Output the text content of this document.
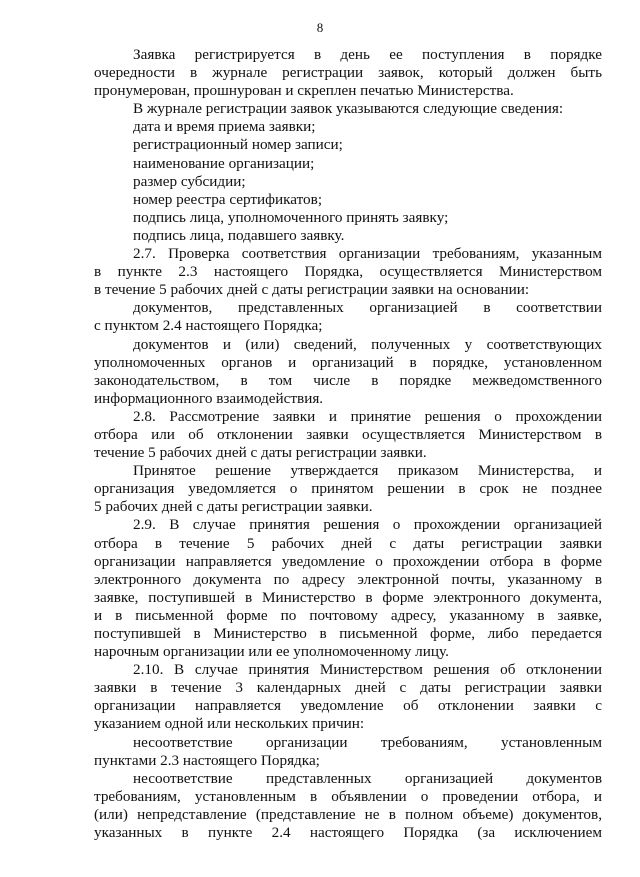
8

Заявка регистрируется в день ее поступления в порядке

очередности в журнале регистрации заявок, который должен быть

пронумерован, прошнурован и скреплен печатью Министерства.

В журнале регистрации заявок указываются следующие сведения:

дата и время приема заявки;

регистрационный номер записи;

наименование организации;

размер субсидии;

номер реестра сертификатов;

подпись лица, уполномоченного принять заявку;

подпись лица, подавшего заявку.

2.7. Проверка соответствия организации требованиям, указанным

в пункте 2.3 настоящего Порядка, осуществляется Министерством

в течение 5 рабочих дней с даты регистрации заявки на основании:

документов, представленных организацией в соответствии

с пунктом 2.4 настоящего Порядка;

документов и (или) сведений, полученных у соответствующих

уполномоченных органов и организаций в порядке, установленном

законодательством, в том числе в порядке межведомственного

информационного взаимодействия.

2.8. Рассмотрение заявки и принятие решения о прохождении

отбора или об отклонении заявки осуществляется Министерством в

течение 5 рабочих дней с даты регистрации заявки.

Принятое решение утверждается приказом Министерства, и

организация уведомляется о принятом решении в срок не позднее

5 рабочих дней с даты регистрации заявки.

2.9. В случае принятия решения о прохождении организацией

отбора в течение 5 рабочих дней с даты регистрации заявки

организации направляется уведомление о прохождении отбора в форме

электронного документа по адресу электронной почты, указанному в

заявке, поступившей в Министерство в форме электронного документа,

и в письменной форме по почтовому адресу, указанному в заявке,

поступившей в Министерство в письменной форме, либо передается

нарочным организации или ее уполномоченному лицу.

2.10. В случае принятия Министерством решения об отклонении

заявки в течение 3 календарных дней с даты регистрации заявки

организации направляется уведомление об отклонении заявки с

указанием одной или нескольких причин:

несоответствие организации требованиям, установленным

пунктами 2.3 настоящего Порядка;

несоответствие представленных организацией документов

требованиям, установленным в объявлении о проведении отбора, и

(или) непредставление (представление не в полном объеме) документов,

указанных в пункте 2.4 настоящего Порядка (за исключением
